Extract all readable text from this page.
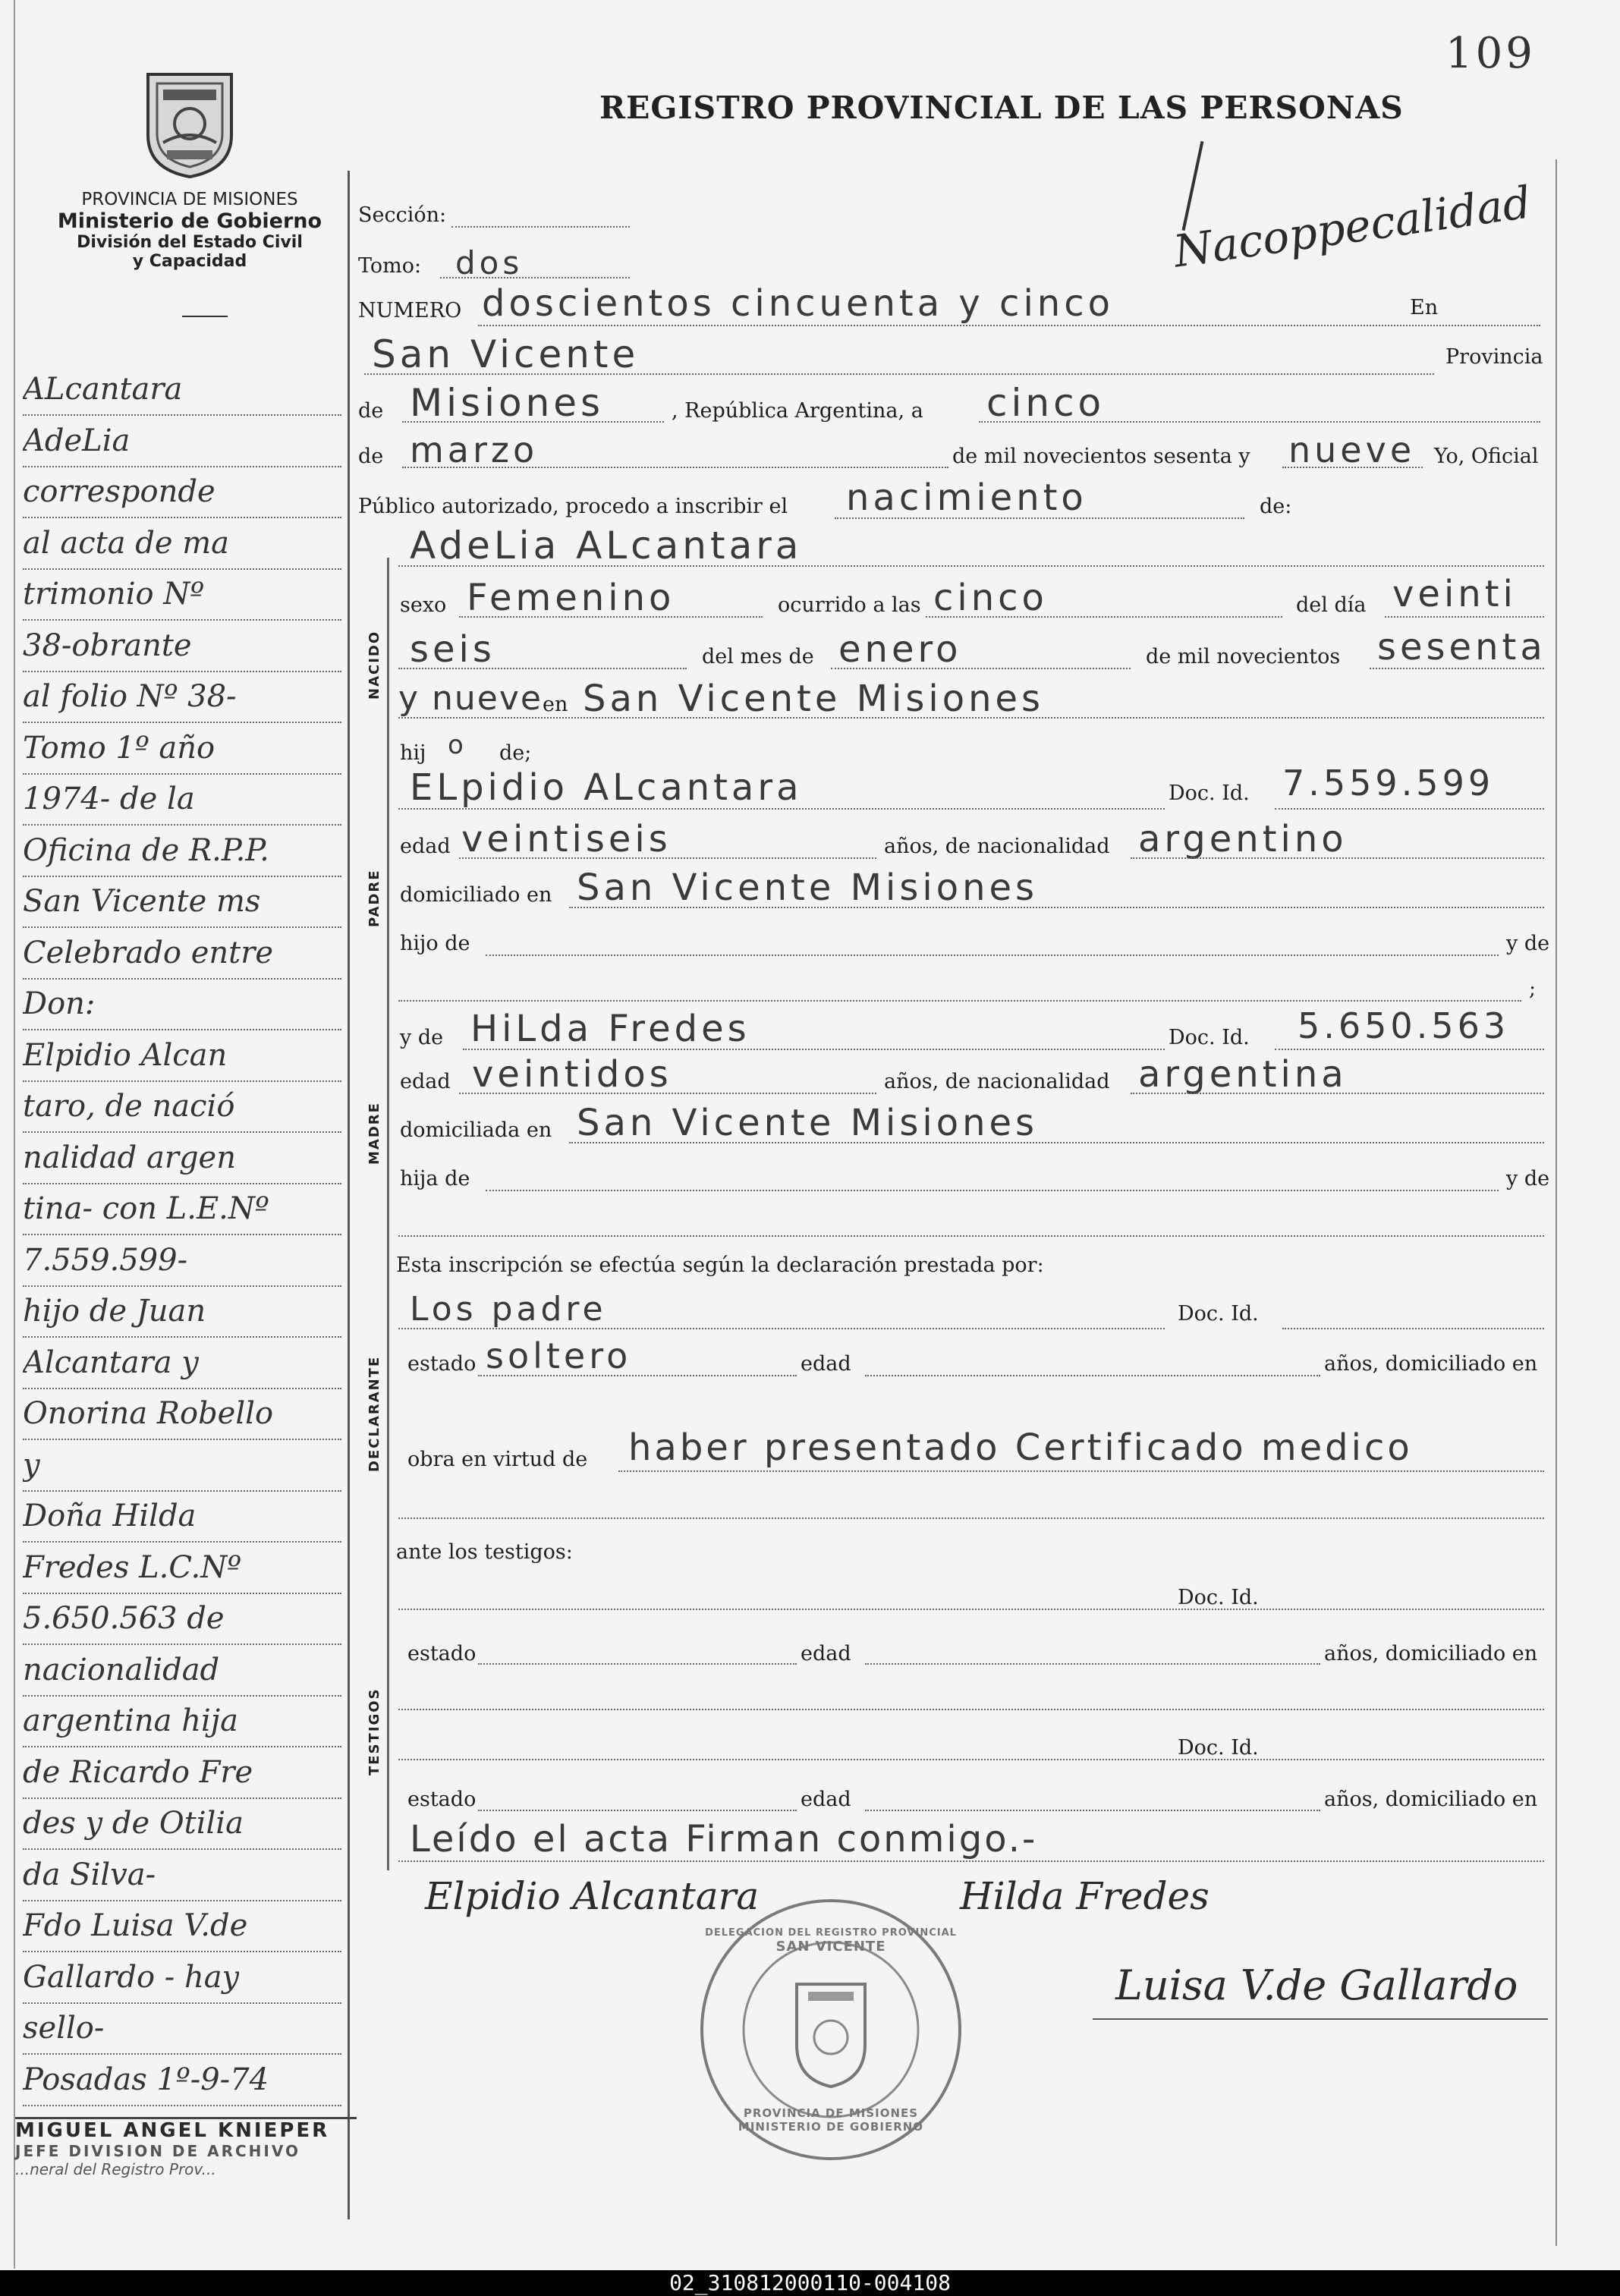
109
PROVINCIA DE MISIONES
Ministerio de Gobierno
División del Estado Civil
y Capacidad
REGISTRO PROVINCIAL DE LAS PERSONAS
Nacoppecalidad
NACIDO
PADRE
MADRE
DECLARANTE
TESTIGOS
ALcantara
AdeLia
corresponde
al acta de ma
trimonio Nº
38-obrante
al folio Nº 38-
Tomo 1º año
1974- de la
Oficina de R.P.P.
San Vicente ms
Celebrado entre
Don:
Elpidio Alcan
taro, de nació
nalidad argen
tina- con L.E.Nº
7.559.599-
hijo de Juan
Alcantara y
Onorina Robello
y
Doña Hilda
Fredes L.C.Nº
5.650.563 de
nacionalidad
argentina hija
de Ricardo Fre
des y de Otilia
da Silva-
Fdo Luisa V.de
Gallardo - hay
sello-
Posadas 1º-9-74
MIGUEL ANGEL KNIEPER
JEFE DIVISION DE ARCHIVO
...neral del Registro Prov...
Sección:
Tomo: dos
NUMERO doscientos cincuenta y cinco	En
San Vicente	Provincia
de Misiones	, República Argentina, a cinco
de marzo	de mil novecientos sesenta y nueve Yo, Oficial
Público autorizado, procedo a inscribir el nacimiento	de:
AdeLia ALcantara
sexo Femenino	ocurrido a las cinco	del día veinti
seis	del mes de enero	de mil novecientos sesenta
y nueve en San Vicente Misiones
hij o de;
ELpidio ALcantara	Doc. Id. 7.559.599
edad veintiseis	años, de nacionalidad argentino
domiciliado en San Vicente Misiones
hijo de	y de
;
y de HiLda Fredes	Doc. Id. 5.650.563
edad veintidos	años, de nacionalidad argentina
domiciliada en San Vicente Misiones
hija de	y de
Esta inscripción se efectúa según la declaración prestada por:
Los padre	Doc. Id.
estado soltero	edad	años, domiciliado en
obra en virtud de haber presentado Certificado medico
ante los testigos:
Doc. Id.
estado	edad	años, domiciliado en
Doc. Id.
estado	edad	años, domiciliado en
Leído el acta Firman conmigo.-
Elpidio Alcantara	Hilda Fredes
Luisa V.de Gallardo
DELEGACION DEL REGISTRO PROVINCIAL
SAN VICENTE
PROVINCIA DE MISIONES
MINISTERIO DE GOBIERNO
02_310812000110-004108
